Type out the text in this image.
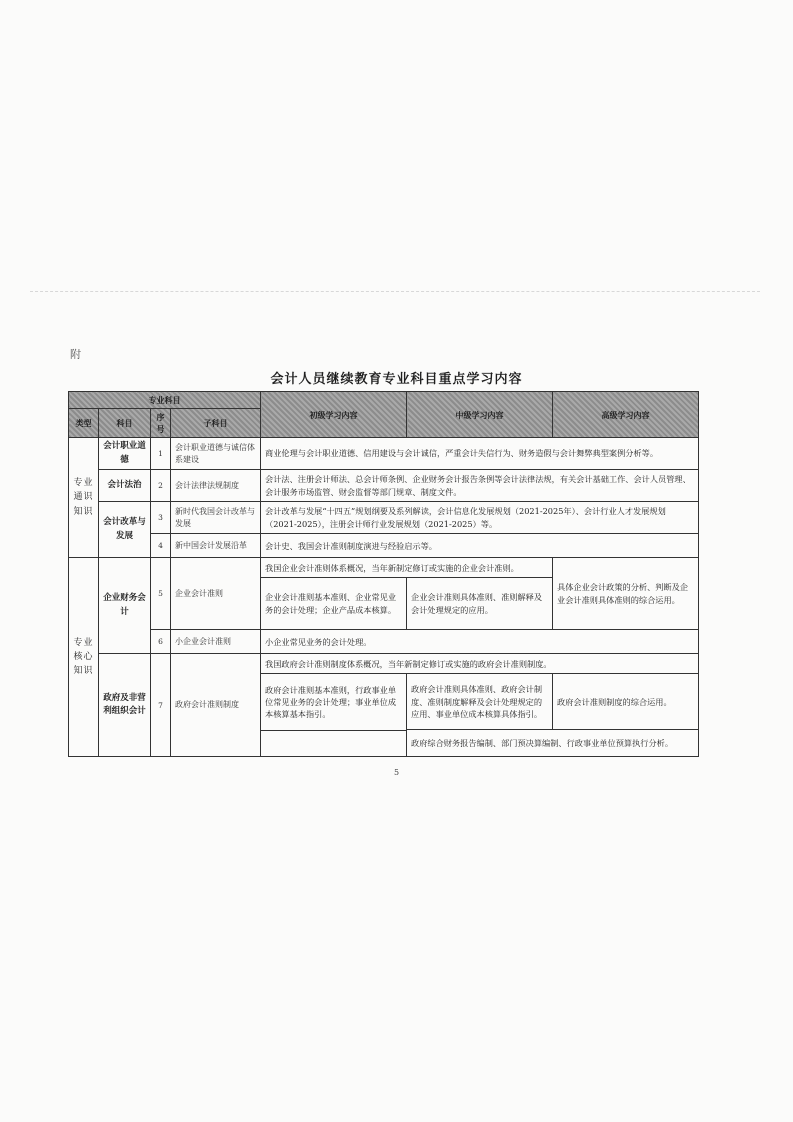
附
会计人员继续教育专业科目重点学习内容
专业科目				初级学习内容	中级学习内容	高级学习内容
类型	科目	序号	子科目			
专业通识知识	会计职业道德	1	会计职业道德与诚信体系建设	商业伦理与会计职业道德、信用建设与会计诚信，严重会计失信行为、财务造假与会计舞弊典型案例分析等。		
	会计法治	2	会计法律法规制度	会计法、注册会计师法、总会计师条例、企业财务会计报告条例等会计法律法规，有关会计基础工作、会计人员管理、会计服务市场监管、财会监督等部门规章、制度文件。		
	会计改革与发展	3	新时代我国会计改革与发展	会计改革与发展“十四五”规划纲要及系列解读，会计信息化发展规划（2021-2025年）、会计行业人才发展规划（2021-2025），注册会计师行业发展规划（2021-2025）等。		
		4	新中国会计发展沿革	会计史、我国会计准则制度演进与经验启示等。		
专业核心知识	企业财务会计	5	企业会计准则	我国企业会计准则体系概况，当年新制定修订或实施的企业会计准则。		具体企业会计政策的分析、判断及企业会计准则具体准则的综合运用。
				企业会计准则基本准则、企业常见业务的会计处理；企业产品成本核算。	企业会计准则具体准则、准则解释及会计处理规定的应用。	
		6	小企业会计准则	小企业常见业务的会计处理。		
	政府及非营利组织会计	7	政府会计准则制度	我国政府会计准则制度体系概况，当年新制定修订或实施的政府会计准则制度。		
				政府会计准则基本准则，行政事业单位常见业务的会计处理；事业单位成本核算基本指引。	政府会计准则具体准则、政府会计制度、准则制度解释及会计处理规定的应用、事业单位成本核算具体指引。	政府会计准则制度的综合运用。
					政府综合财务报告编制、部门预决算编制、行政事业单位预算执行分析。	

5
